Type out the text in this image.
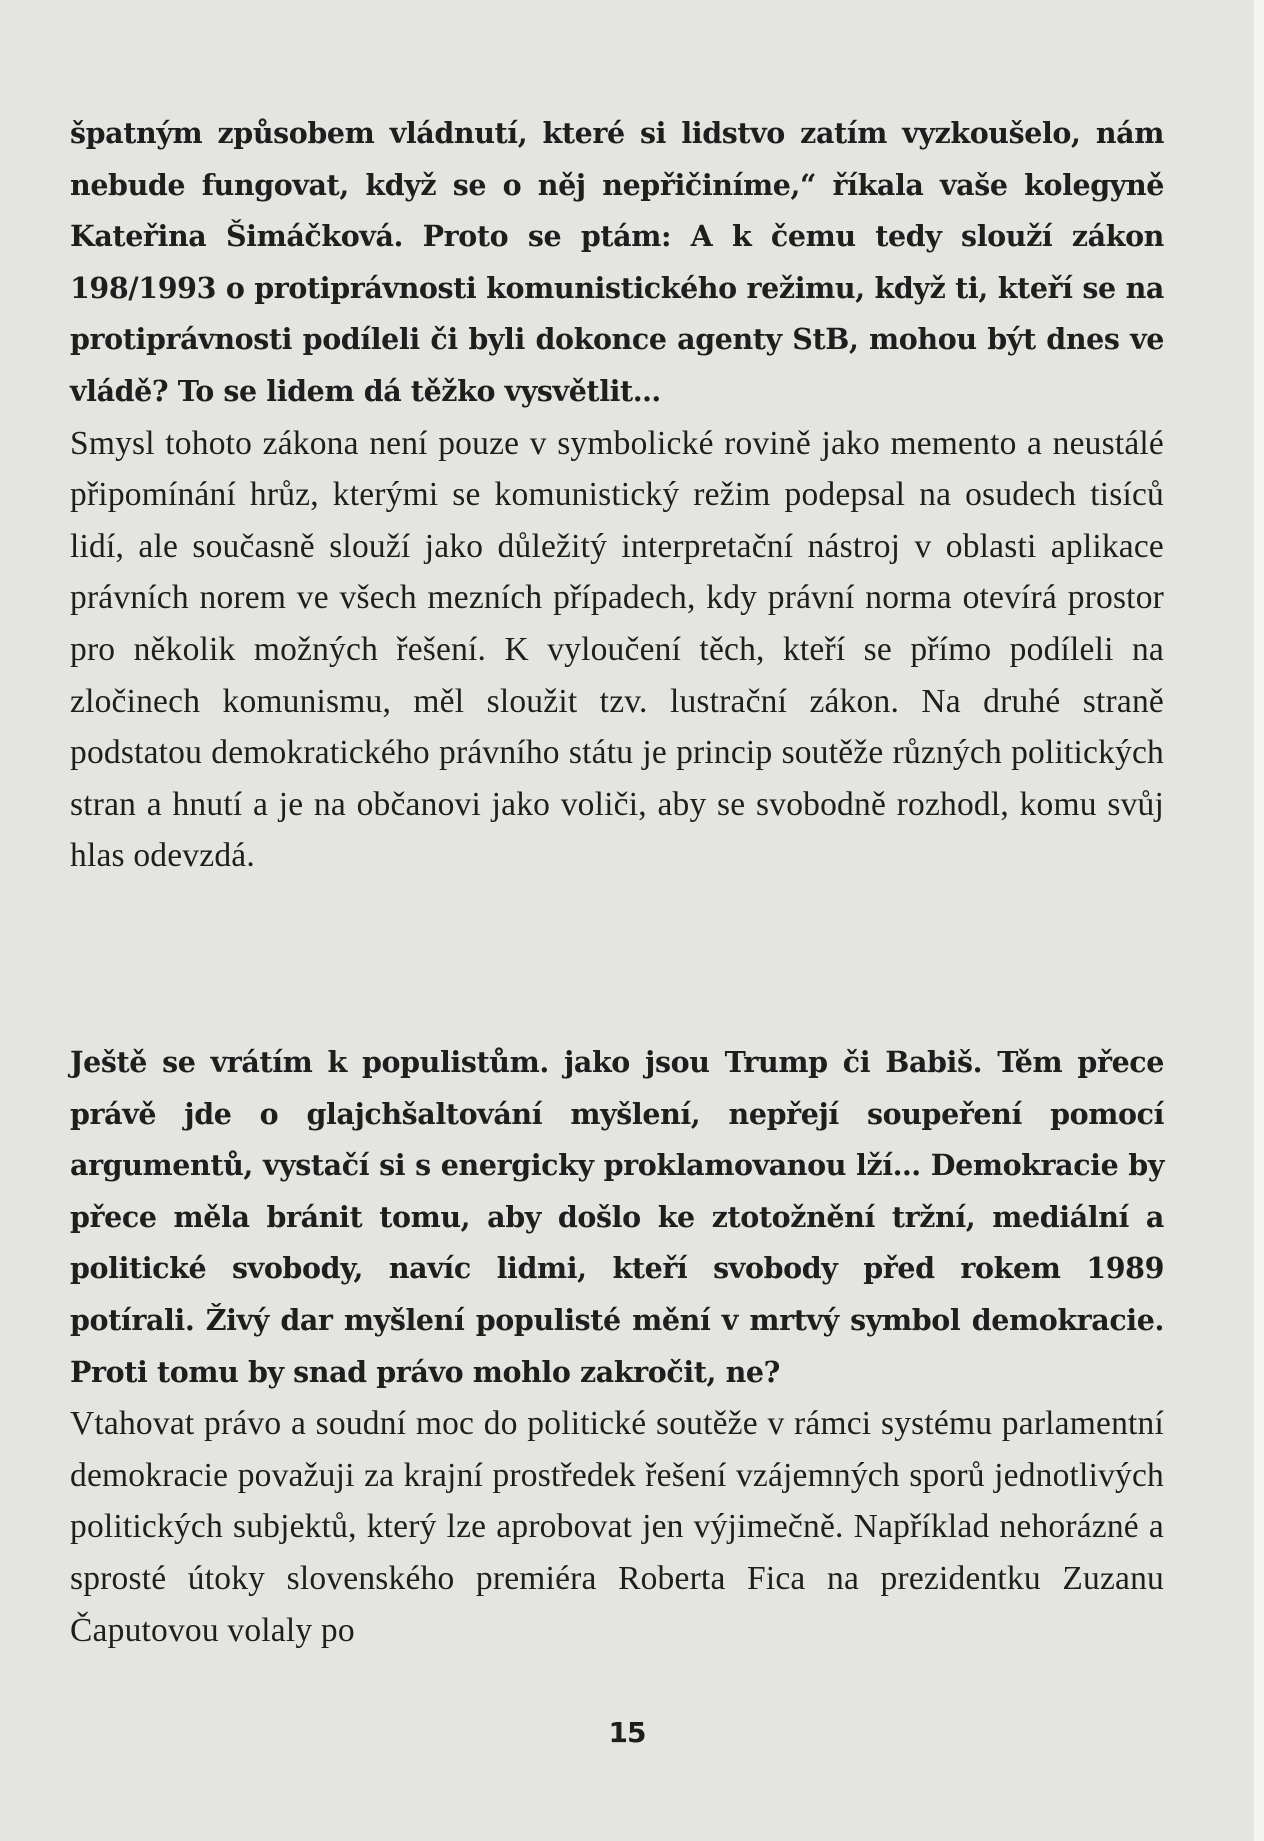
špatným způsobem vládnutí, které si lidstvo zatím vyzkoušelo, nám nebude fungovat, když se o něj nepřičiníme,“ říkala vaše kolegyně Kateřina Šimáčková. Proto se ptám: A k čemu tedy slouží zákon 198/1993 o protiprávnosti komunistického režimu, když ti, kteří se na protiprávnosti podíleli či byli dokonce agenty StB, mohou být dnes ve vládě? To se lidem dá těžko vysvětlit…

Smysl tohoto zákona není pouze v symbolické rovině jako memento a neustálé připomínání hrůz, kterými se komunistický režim podepsal na osudech tisíců lidí, ale současně slouží jako důležitý interpretační nástroj v oblasti aplikace právních norem ve všech mezních případech, kdy právní norma otevírá prostor pro několik možných řešení. K vyloučení těch, kteří se přímo podíleli na zločinech komunismu, měl sloužit tzv. lustrační zákon. Na druhé straně podstatou demokratického právního státu je princip soutěže různých politických stran a hnutí a je na občanovi jako voliči, aby se svobodně rozhodl, komu svůj hlas odevzdá.

Ještě se vrátím k populistům. jako jsou Trump či Babiš. Těm přece právě jde o glajchšaltování myšlení, nepřejí soupeření pomocí argumentů, vystačí si s energicky proklamovanou lží… Demokracie by přece měla bránit tomu, aby došlo ke ztotožnění tržní, mediální a politické svobody, navíc lidmi, kteří svobody před rokem 1989 potírali. Živý dar myšlení populisté mění v mrtvý symbol demokracie. Proti tomu by snad právo mohlo zakročit, ne?

Vtahovat právo a soudní moc do politické soutěže v rámci systému parlamentní demokracie považuji za krajní prostředek řešení vzájemných sporů jednotlivých politických subjektů, který lze aprobovat jen výjimečně. Například nehorázné a sprosté útoky slovenského premiéra Roberta Fica na prezidentku Zuzanu Čaputovou volaly po

15
